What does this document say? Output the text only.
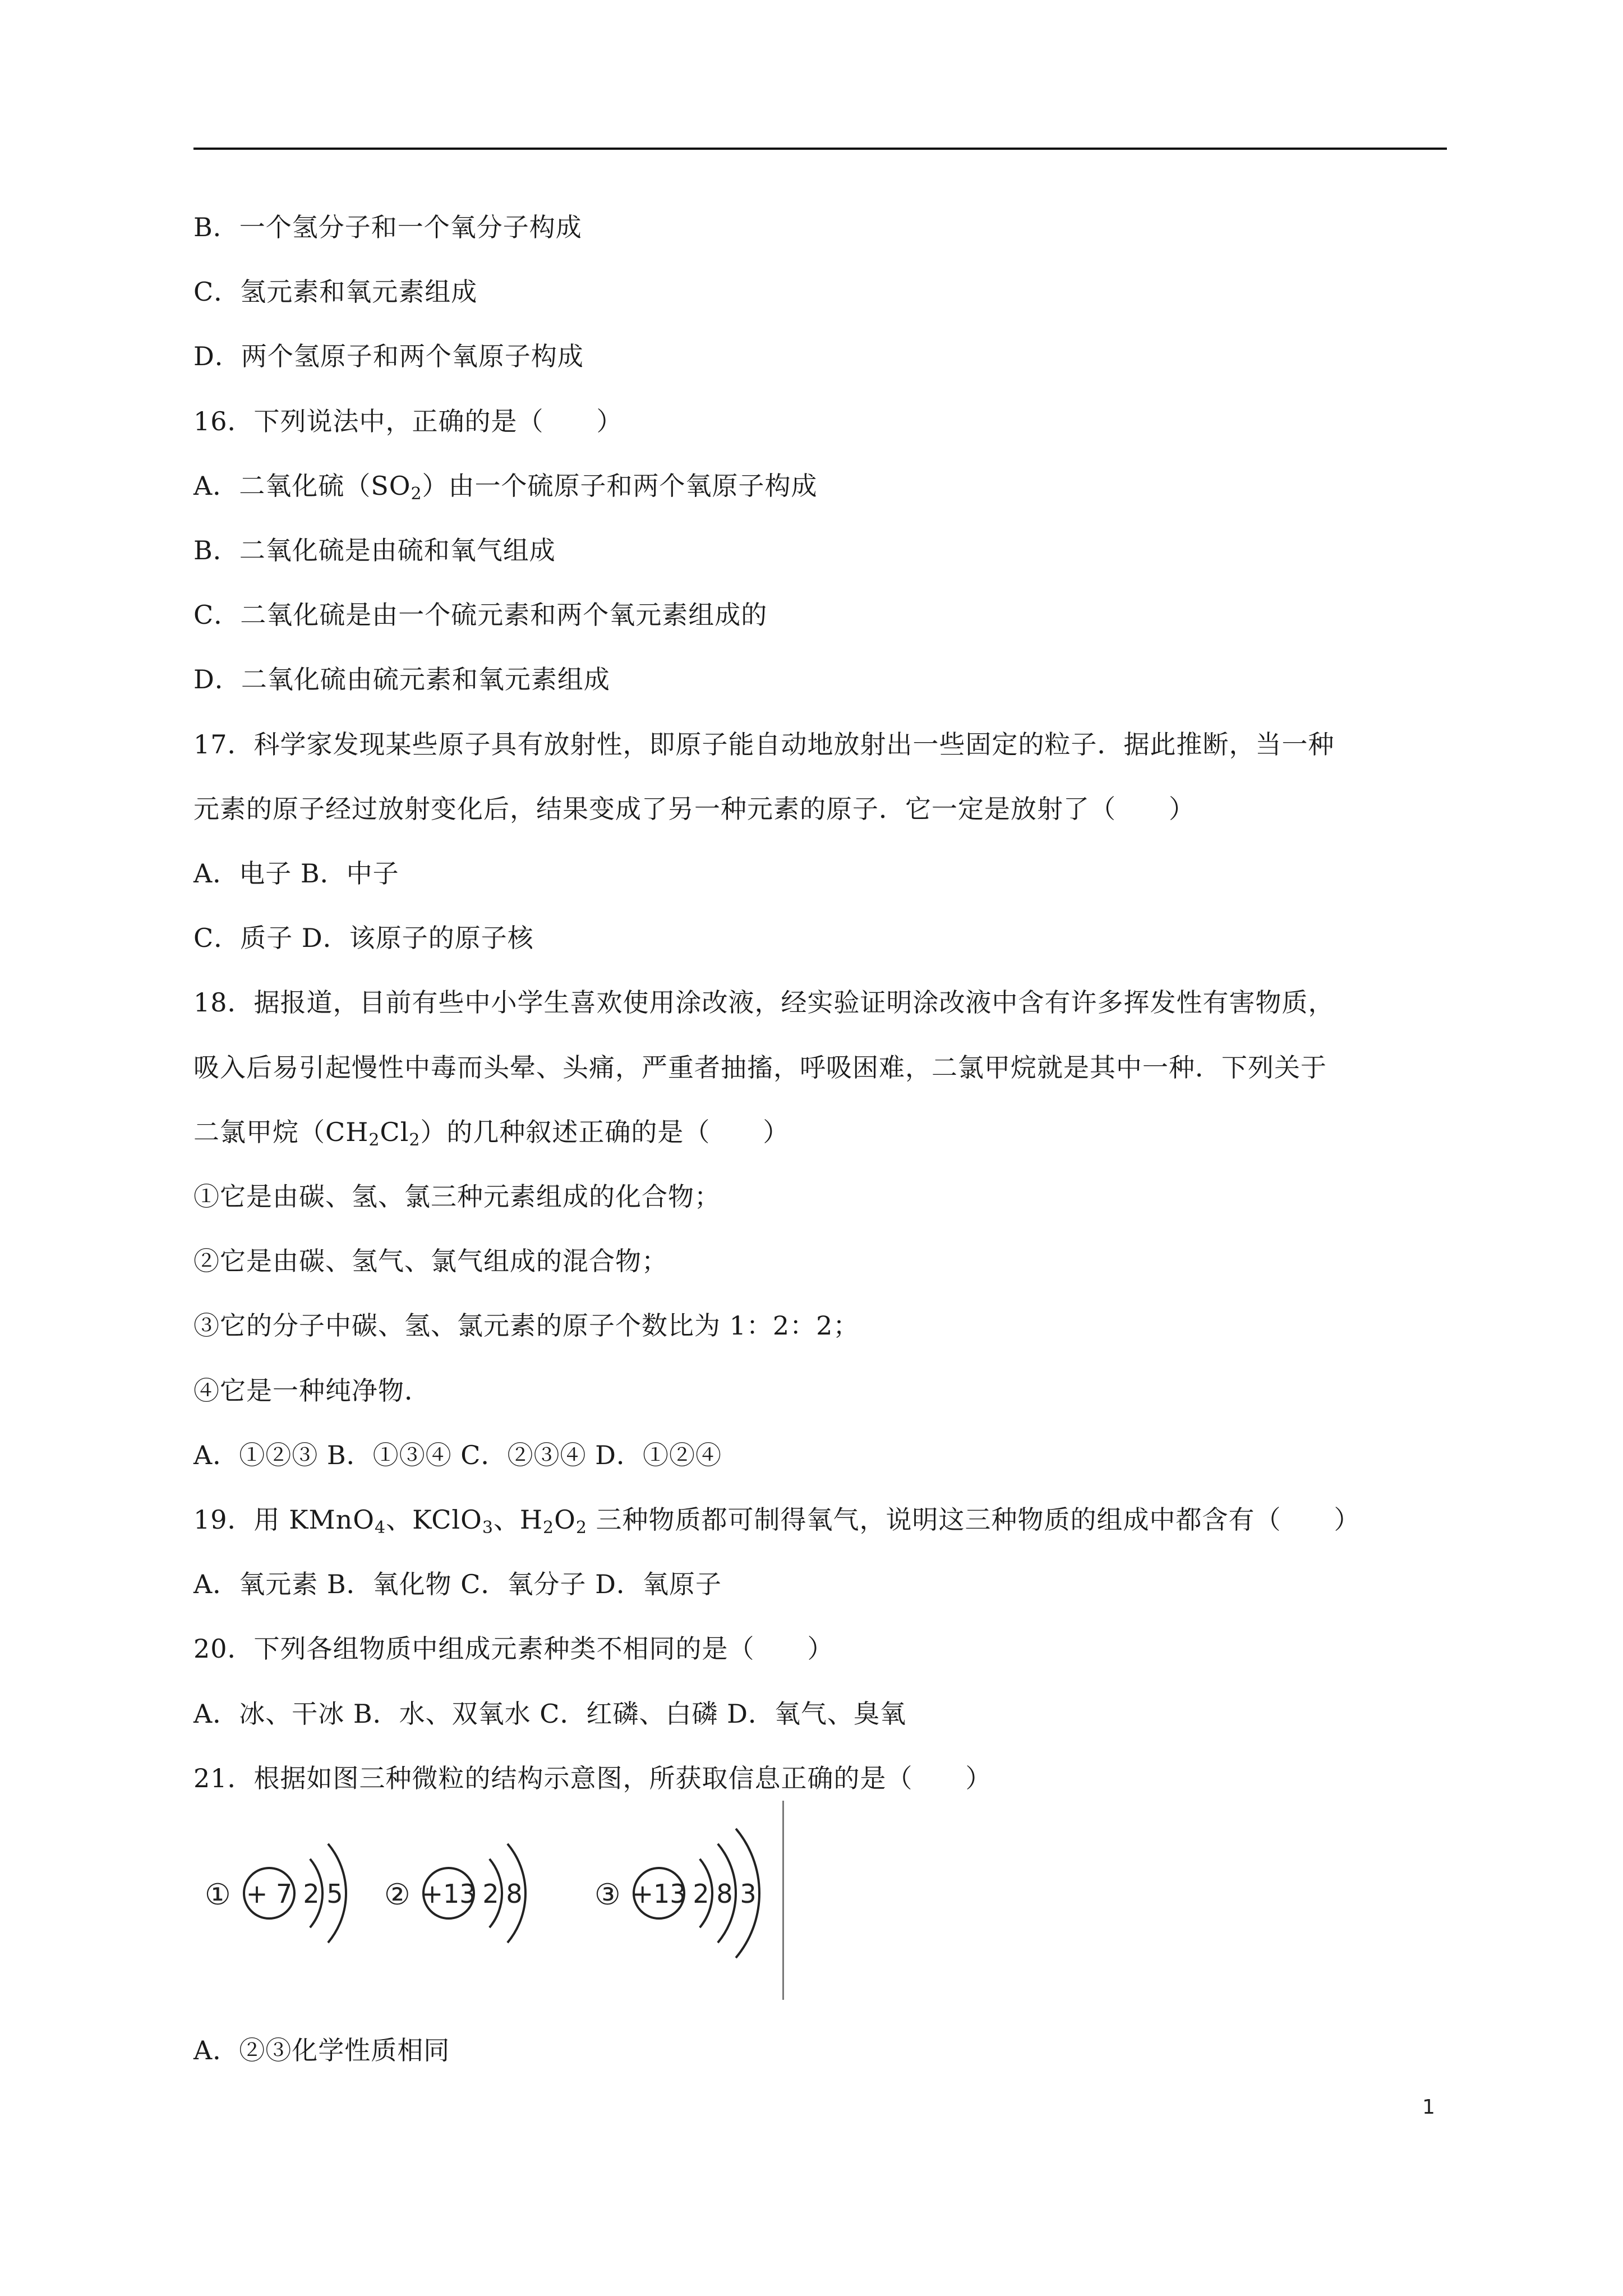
B．一个氢分子和一个氧分子构成
C．氢元素和氧元素组成
D．两个氢原子和两个氧原子构成
16．下列说法中，正确的是（　　）
A．二氧化硫$(SO_2)$由一个硫原子和两个氧原子构成
B．二氧化硫是由硫和氧气组成
C．二氧化硫是由一个硫元素和两个氧元素组成的
D．二氧化硫由硫元素和氧元素组成
17．科学家发现某些原子具有放射性，即原子能自动地放射出一些固定的粒子．据此推断，当一种
元素的原子经过放射变化后，结果变成了另一种元素的原子．它一定是放射了（　　）
A．电子 B．中子
C．质子 D．该原子的原子核
18．据报道，目前有些中小学生喜欢使用涂改液，经实验证明涂改液中含有许多挥发性有害物质，
吸入后易引起慢性中毒而头晕、头痛，严重者抽搐，呼吸困难，二氯甲烷就是其中一种．下列关于
二氯甲烷$(CH_2Cl_2)$的几种叙述正确的是（　　）
①它是由碳、氢、氯三种元素组成的化合物；
②它是由碳、氢气、氯气组成的混合物；
③它的分子中碳、氢、氯元素的原子个数比为 1：2：2；
④它是一种纯净物．
A．①②③ B．①③④ C．②③④ D．①②④
19．用 KMnO$_4$、KClO$_3$、$H_2O_2$ 三种物质都可制得氧气，说明这三种物质的组成中都含有（　　）
A．氧元素 B．氧化物 C．氧分子 D．氧原子
20．下列各组物质中组成元素种类不相同的是（　　）
A．冰、干冰 B．水、双氧水 C．红磷、白磷 D．氧气、臭氧
21．根据如图三种微粒的结构示意图，所获取信息正确的是（　　）
① + 7 2 5 ② +13 2 8 ③ +13 2 8 3
A．②③化学性质相同
1
